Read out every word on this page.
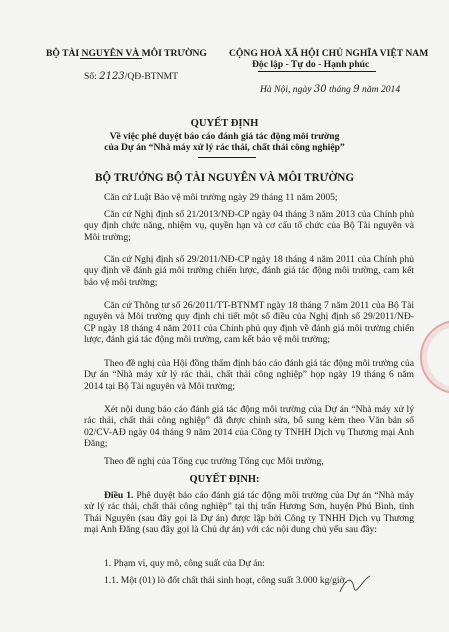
BỘ TÀI NGUYÊN VÀ MÔI TRƯỜNG
Số: 2123/QĐ-BTNMT
CỘNG HOÀ XÃ HỘI CHỦ NGHĨA VIỆT NAM
Độc lập - Tự do - Hạnh phúc
Hà Nội, ngày 30 tháng 9 năm 2014
QUYẾT ĐỊNH
Về việc phê duyệt báo cáo đánh giá tác động môi trường
của Dự án “Nhà máy xử lý rác thải, chất thải công nghiệp”
BỘ TRƯỞNG BỘ TÀI NGUYÊN VÀ MÔI TRƯỜNG
Căn cứ Luật Bảo vệ môi trường ngày 29 tháng 11 năm 2005;
Căn cứ Nghị định số 21/2013/NĐ-CP ngày 04 tháng 3 năm 2013 của Chính phủ quy định chức năng, nhiệm vụ, quyền hạn và cơ cấu tổ chức của Bộ Tài nguyên và Môi trường;
Căn cứ Nghị định số 29/2011/NĐ-CP ngày 18 tháng 4 năm 2011 của Chính phủ quy định về đánh giá môi trường chiến lược, đánh giá tác động môi trường, cam kết bảo vệ môi trường;
Căn cứ Thông tư số 26/2011/TT-BTNMT ngày 18 tháng 7 năm 2011 của Bộ Tài nguyên và Môi trường quy định chi tiết một số điều của Nghị định số 29/2011/NĐ-CP ngày 18 tháng 4 năm 2011 của Chính phủ quy định về đánh giá môi trường chiến lược, đánh giá tác động môi trường, cam kết bảo vệ môi trường;
Theo đề nghị của Hội đồng thẩm định báo cáo đánh giá tác động môi trường của Dự án “Nhà máy xử lý rác thải, chất thải công nghiệp” họp ngày 19 tháng 6 năm 2014 tại Bộ Tài nguyên và Môi trường;
Xét nội dung báo cáo đánh giá tác động môi trường của Dự án “Nhà máy xử lý rác thải, chất thải công nghiệp” đã được chỉnh sửa, bổ sung kèm theo Văn bản số 02/CV-AĐ ngày 04 tháng 9 năm 2014 của Công ty TNHH Dịch vụ Thương mại Anh Đăng;
Theo đề nghị của Tổng cục trưởng Tổng cục Môi trường,
QUYẾT ĐỊNH:
Điều 1. Phê duyệt báo cáo đánh giá tác động môi trường của Dự án “Nhà máy xử lý rác thải, chất thải công nghiệp” tại thị trấn Hương Sơn, huyện Phú Bình, tỉnh Thái Nguyên (sau đây gọi là Dự án) được lập bởi Công ty TNHH Dịch vụ Thương mại Anh Đăng (sau đây gọi là Chủ dự án) với các nội dung chủ yếu sau đây:
1. Phạm vi, quy mô, công suất của Dự án:
1.1. Một (01) lò đốt chất thải sinh hoạt, công suất 3.000 kg/giờ.
